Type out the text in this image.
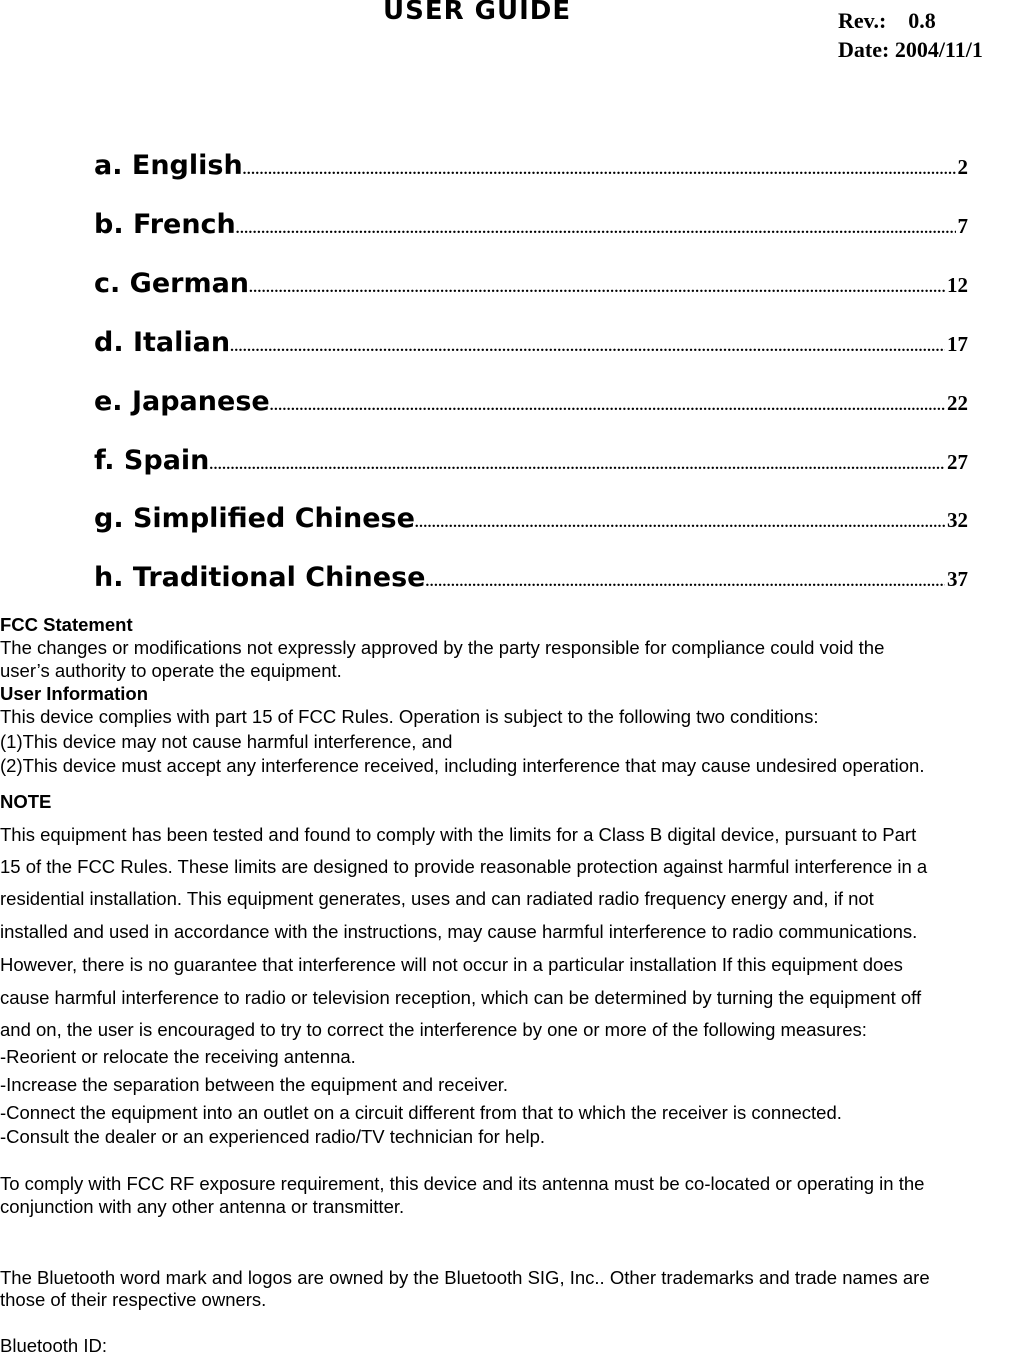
USER GUIDE	Rev.: 0.8
Date: 2004/11/1
a. English .....	2
b. French .....	7
c. German .....	12
d. Italian .....	17
e. Japanese .....	22
f. Spain .....	27
g. Simplified Chinese .....	32
h. Traditional Chinese .....	37
FCC Statement
The changes or modifications not expressly approved by the party responsible for compliance could void the
user’s authority to operate the equipment.
User Information
This device complies with part 15 of FCC Rules. Operation is subject to the following two conditions:
(1)This device may not cause harmful interference, and
(2)This device must accept any interference received, including interference that may cause undesired operation.
NOTE
This equipment has been tested and found to comply with the limits for a Class B digital device, pursuant to Part
15 of the FCC Rules. These limits are designed to provide reasonable protection against harmful interference in a
residential installation. This equipment generates, uses and can radiated radio frequency energy and, if not
installed and used in accordance with the instructions, may cause harmful interference to radio communications.
However, there is no guarantee that interference will not occur in a particular installation If this equipment does
cause harmful interference to radio or television reception, which can be determined by turning the equipment off
and on, the user is encouraged to try to correct the interference by one or more of the following measures:
-Reorient or relocate the receiving antenna.
-Increase the separation between the equipment and receiver.
-Connect the equipment into an outlet on a circuit different from that to which the receiver is connected.
-Consult the dealer or an experienced radio/TV technician for help.
To comply with FCC RF exposure requirement, this device and its antenna must be co-located or operating in the
conjunction with any other antenna or transmitter.
The Bluetooth word mark and logos are owned by the Bluetooth SIG, Inc.. Other trademarks and trade names are
those of their respective owners.
Bluetooth ID:
